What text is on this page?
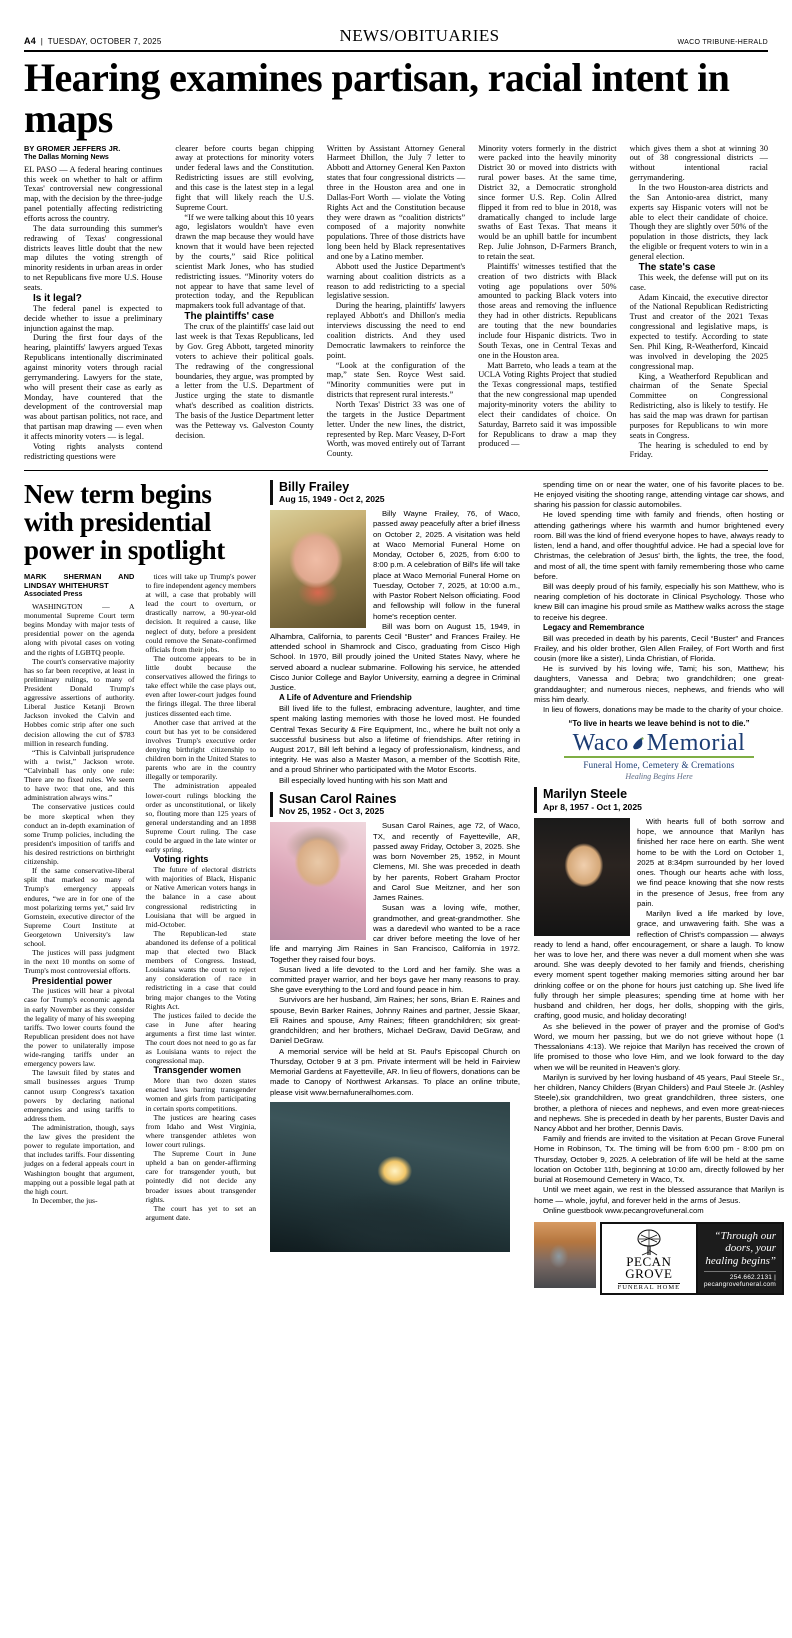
A4  |  TUESDAY, OCTOBER 7, 2025	NEWS/OBITUARIES	WACO TRIBUNE-HERALD
Hearing examines partisan, racial intent in maps
BY GROMER JEFFERS JR.
The Dallas Morning News

EL PASO — A federal hearing continues this week on whether to halt or affirm Texas' controversial new congressional map, with the decision by the three-judge panel potentially affecting redistricting efforts across the country.

The data surrounding this summer's redrawing of Texas' congressional districts leaves little doubt that the new map dilutes the voting strength of minority residents in urban areas in order to net Republicans five more U.S. House seats.

Is it legal?

The federal panel is expected to decide whether to issue a preliminary injunction against the map.

During the first four days of the hearing, plaintiffs' lawyers argued Texas Republicans intentionally discriminated against minority voters through racial gerrymandering. Lawyers for the state, who will present their case as early as Monday, have countered that the development of the controversial map was about partisan politics, not race, and that partisan map drawing — even when it affects minority voters — is legal.

Voting rights analysts contend redistricting questions were

clearer before courts began chipping away at protections for minority voters under federal laws and the Constitution. Redistricting issues are still evolving, and this case is the latest step in a legal fight that will likely reach the U.S. Supreme Court.

“If we were talking about this 10 years ago, legislators wouldn't have even drawn the map because they would have known that it would have been rejected by the courts,” said Rice political scientist Mark Jones, who has studied redistricting issues. “Minority voters do not appear to have that same level of protection today, and the Republican mapmakers took full advantage of that.

The plaintiffs' case

The crux of the plaintiffs' case laid out last week is that Texas Republicans, led by Gov. Greg Abbott, targeted minority voters to achieve their political goals. The redrawing of the congressional boundaries, they argue, was prompted by a letter from the U.S. Department of Justice urging the state to dismantle what's described as coalition districts. The basis of the Justice Department letter was the Petteway vs. Galveston County decision.

Written by Assistant Attorney General Harmeet Dhillon, the July 7 letter to Abbott and Attorney General Ken Paxton states that four congressional districts — three in the Houston area and one in Dallas-Fort Worth — violate the Voting Rights Act and the Constitution because they were drawn as “coalition districts” composed of a majority nonwhite populations. Three of those districts have long been held by Black representatives and one by a Latino member.

Abbott used the Justice Department's warning about coalition districts as a reason to add redistricting to a special legislative session.

During the hearing, plaintiffs' lawyers replayed Abbott's and Dhillon's media interviews discussing the need to end coalition districts. And they used Democratic lawmakers to reinforce the point.

“Look at the configuration of the map,” state Sen. Royce West said. “Minority communities were put in districts that represent rural interests.”

North Texas' District 33 was one of the targets in the Justice Department letter. Under the new lines, the district, represented by Rep. Marc Veasey, D-Fort Worth, was moved entirely out of Tarrant County.

Minority voters formerly in the district were packed into the heavily minority District 30 or moved into districts with rural power bases. At the same time, District 32, a Democratic stronghold since former U.S. Rep. Colin Allred flipped it from red to blue in 2018, was dramatically changed to include large swaths of East Texas. That means it would be an uphill battle for incumbent Rep. Julie Johnson, D-Farmers Branch, to retain the seat.

Plaintiffs' witnesses testified that the creation of two districts with Black voting age populations over 50% amounted to packing Black voters into those areas and removing the influence they had in other districts. Republicans are touting that the new boundaries include four Hispanic districts. Two in South Texas, one in Central Texas and one in the Houston area.

Matt Barreto, who leads a team at the UCLA Voting Rights Project that studied the Texas congressional maps, testified that the new congressional map upended majority-minority voters the ability to elect their candidates of choice. On Saturday, Barreto said it was impossible for Republicans to draw a map they produced —

which gives them a shot at winning 30 out of 38 congressional districts — without intentional racial gerrymandering.

In the two Houston-area districts and the San Antonio-area district, many experts say Hispanic voters will not be able to elect their candidate of choice. Though they are slightly over 50% of the population in those districts, they lack the eligible or frequent voters to win in a general election.

The state's case

This week, the defense will put on its case.

Adam Kincaid, the executive director of the National Republican Redistricting Trust and creator of the 2021 Texas congressional and legislative maps, is expected to testify. According to state Sen. Phil King, R-Weatherford, Kincaid was involved in developing the 2025 congressional map.

King, a Weatherford Republican and chairman of the Senate Special Committee on Congressional Redistricting, also is likely to testify. He has said the map was drawn for partisan purposes for Republicans to win more seats in Congress.

The hearing is scheduled to end by Friday.

New term begins with presidential power in spotlight
MARK SHERMAN AND LINDSAY WHITEHURST
Associated Press

WASHINGTON — A monumental Supreme Court term begins Monday with major tests of presidential power on the agenda along with pivotal cases on voting and the rights of LGBTQ people.

The court's conservative majority has so far been receptive, at least in preliminary rulings, to many of President Donald Trump's aggressive assertions of authority. Liberal Justice Ketanji Brown Jackson invoked the Calvin and Hobbes comic strip after one such decision allowing the cut of $783 million in research funding.

“This is Calvinball jurisprudence with a twist,” Jackson wrote. “Calvinball has only one rule: There are no fixed rules. We seem to have two: that one, and this administration always wins.”

The conservative justices could be more skeptical when they conduct an in-depth examination of some Trump policies, including the president's imposition of tariffs and his desired restrictions on birthright citizenship.

If the same conservative-liberal split that marked so many of Trump's emergency appeals endures, “we are in for one of the most polarizing terms yet,” said Irv Gornstein, executive director of the Supreme Court Institute at Georgetown University's law school.

The justices will pass judgment in the next 10 months on some of Trump's most controversial efforts.

Presidential power

The justices will hear a pivotal case for Trump's economic agenda in early November as they consider the legality of many of his sweeping tariffs. Two lower courts found the Republican president does not have the power to unilaterally impose wide-ranging tariffs under an emergency powers law.

The lawsuit filed by states and small businesses argues Trump cannot usurp Congress's taxation powers by declaring national emergencies and using tariffs to address them.

The administration, though, says the law gives the president the power to regulate importation, and that includes tariffs. Four dissenting judges on a federal appeals court in Washington bought that argument, mapping out a possible legal path at the high court.

In December, the jus-

tices will take up Trump's power to fire independent agency members at will, a case that probably will lead the court to overturn, or drastically narrow, a 90-year-old decision. It required a cause, like neglect of duty, before a president could remove the Senate-confirmed officials from their jobs.

The outcome appears to be in little doubt because the conservatives allowed the firings to take effect while the case plays out, even after lower-court judges found the firings illegal. The three liberal justices dissented each time.

Another case that arrived at the court but has yet to be considered involves Trump's executive order denying birthright citizenship to children born in the United States to parents who are in the country illegally or temporarily.

The administration appealed lower-court rulings blocking the order as unconstitutional, or likely so, flouting more than 125 years of general understanding and an 1898 Supreme Court ruling. The case could be argued in the late winter or early spring.

Voting rights

The future of electoral districts with majorities of Black, Hispanic or Native American voters hangs in the balance in a case about congressional redistricting in Louisiana that will be argued in mid-October.

The Republican-led state abandoned its defense of a political map that elected two Black members of Congress. Instead, Louisiana wants the court to reject any consideration of race in redistricting in a case that could bring major changes to the Voting Rights Act.

The justices failed to decide the case in June after hearing arguments a first time last winter. The court does not need to go as far as Louisiana wants to reject the congressional map.

Transgender women

More than two dozen states enacted laws barring transgender women and girls from participating in certain sports competitions.

The justices are hearing cases from Idaho and West Virginia, where transgender athletes won lower court rulings.

The Supreme Court in June upheld a ban on gender-affirming care for transgender youth, but pointedly did not decide any broader issues about transgender rights.

The court has yet to set an argument date.

Billy Frailey
Aug 15, 1949 - Oct 2, 2025

Billy Wayne Frailey, 76, of Waco, passed away peacefully after a brief illness on October 2, 2025. A visitation was held at Waco Memorial Funeral Home on Monday, October 6, 2025, from 6:00 to 8:00 p.m. A celebration of Bill's life will take place at Waco Memorial Funeral Home on Tuesday, October 7, 2025, at 10:00 a.m., with Pastor Robert Nelson officiating. Food and fellowship will follow in the funeral home's reception center.

Bill was born on August 15, 1949, in Alhambra, California, to parents Cecil “Buster” and Frances Frailey. He attended school in Shamrock and Cisco, graduating from Cisco High School. In 1970, Bill proudly joined the United States Navy, where he served aboard a nuclear submarine. Following his service, he attended Cisco Junior College and Baylor University, earning a degree in Criminal Justice.

A Life of Adventure and Friendship

Bill lived life to the fullest, embracing adventure, laughter, and time spent making lasting memories with those he loved most. He founded Central Texas Security & Fire Equipment, Inc., where he built not only a successful business but also a lifetime of friendships. After retiring in August 2017, Bill left behind a legacy of professionalism, kindness, and integrity. He was also a Master Mason, a member of the Scottish Rite, and a proud Shriner who participated with the Motor Escorts.

Bill especially loved hunting with his son Matt and

Susan Carol Raines
Nov 25, 1952 - Oct 3, 2025

Susan Carol Raines, age 72, of Waco, TX, and recently of Fayetteville, AR, passed away Friday, October 3, 2025. She was born November 25, 1952, in Mount Clemens, MI. She was preceded in death by her parents, Robert Graham Proctor and Carol Sue Meitzner, and her son James Raines.

Susan was a loving wife, mother, grandmother, and great-grandmother. She was a daredevil who wanted to be a race car driver before meeting the love of her life and marrying Jim Raines in San Francisco, California in 1972. Together they raised four boys.

Susan lived a life devoted to the Lord and her family. She was a committed prayer warrior, and her boys gave her many reasons to pray. She gave everything to the Lord and found peace in him.

Survivors are her husband, Jim Raines; her sons, Brian E. Raines and spouse, Bevin Barker Raines, Johnny Raines and partner, Jessie Skaar, Eli Raines and spouse, Amy Raines; fifteen grandchildren; six great-grandchildren; and her brothers, Michael DeGraw, David DeGraw, and Daniel DeGraw.

A memorial service will be held at St. Paul's Episcopal Church on Thursday, October 9 at 3 pm. Private interment will be held in Fairview Memorial Gardens at Fayetteville, AR. In lieu of flowers, donations can be made to Canopy of Northwest Arkansas. To place an online tribute, please visit www.bernafuneralhomes.com.

spending time on or near the water, one of his favorite places to be. He enjoyed visiting the shooting range, attending vintage car shows, and sharing his passion for classic automobiles.

He loved spending time with family and friends, often hosting or attending gatherings where his warmth and humor brightened every room. Bill was the kind of friend everyone hopes to have, always ready to listen, lend a hand, and offer thoughtful advice. He had a special love for Christmas, the celebration of Jesus' birth, the lights, the tree, the food, and most of all, the time spent with family remembering those who came before.

Bill was deeply proud of his family, especially his son Matthew, who is nearing completion of his doctorate in Clinical Psychology. Those who knew Bill can imagine his proud smile as Matthew walks across the stage to receive his degree.

Legacy and Remembrance

Bill was preceded in death by his parents, Cecil “Buster” and Frances Frailey, and his older brother, Glen Allen Frailey, of Fort Worth and first cousin (more like a sister), Linda Christian, of Florida.

He is survived by his loving wife, Tami; his son, Matthew; his daughters, Vanessa and Debra; two grandchildren; one great-granddaughter; and numerous nieces, nephews, and friends who will miss him dearly.

In lieu of flowers, donations may be made to the charity of your choice.

“To live in hearts we leave behind is not to die.”
Waco Memorial
Funeral Home, Cemetery & Cremations
Healing Begins Here
Marilyn Steele
Apr 8, 1957 - Oct 1, 2025

With hearts full of both sorrow and hope, we announce that Marilyn has finished her race here on earth. She went home to be with the Lord on October 1, 2025 at 8:34pm surrounded by her loved ones. Though our hearts ache with loss, we find peace knowing that she now rests in the presence of Jesus, free from any pain.

Marilyn lived a life marked by love, grace, and unwavering faith. She was a reflection of Christ's compassion — always ready to lend a hand, offer encouragement, or share a laugh. To know her was to love her, and there was never a dull moment when she was around. She was deeply devoted to her family and friends, cherishing every moment spent together making memories sitting around her bar drinking coffee or on the phone for hours just catching up. She lived life fully through her simple pleasures; spending time at home with her husband and children, her dogs, her dolls, shopping with the girls, crafting, good music, and holiday decorating!

As she believed in the power of prayer and the promise of God's Word, we mourn her passing, but we do not grieve without hope (1 Thessalonians 4:13). We rejoice that Marilyn has received the crown of life promised to those who love Him, and we look forward to the day when we will be reunited in Heaven's glory.

Marilyn is survived by her loving husband of 45 years, Paul Steele Sr., her children, Nancy Childers (Bryan Childers) and Paul Steele Jr. (Ashley Steele),six grandchildren, two great grandchildren, three sisters, one brother, a plethora of nieces and nephews, and even more great-nieces and nephews. She is preceded in death by her parents, Buster Davis and Nancy Abbot and her brother, Dennis Davis.

Family and friends are invited to the visitation at Pecan Grove Funeral Home in Robinson, Tx. The timing will be from 6:00 pm - 8:00 pm on Thursday, October 9, 2025. A celebration of life will be held at the same location on October 11th, beginning at 10:00 am, directly followed by her burial at Rosemound Cemetery in Waco, Tx.

Until we meet again, we rest in the blessed assurance that Marilyn is home — whole, joyful, and forever held in the arms of Jesus.

Online guestbook www.pecangrovefuneral.com

PECAN
GROVE
FUNERAL HOME
“Through our doors, your healing begins”
254.662.2131 | pecangrovefuneral.com
